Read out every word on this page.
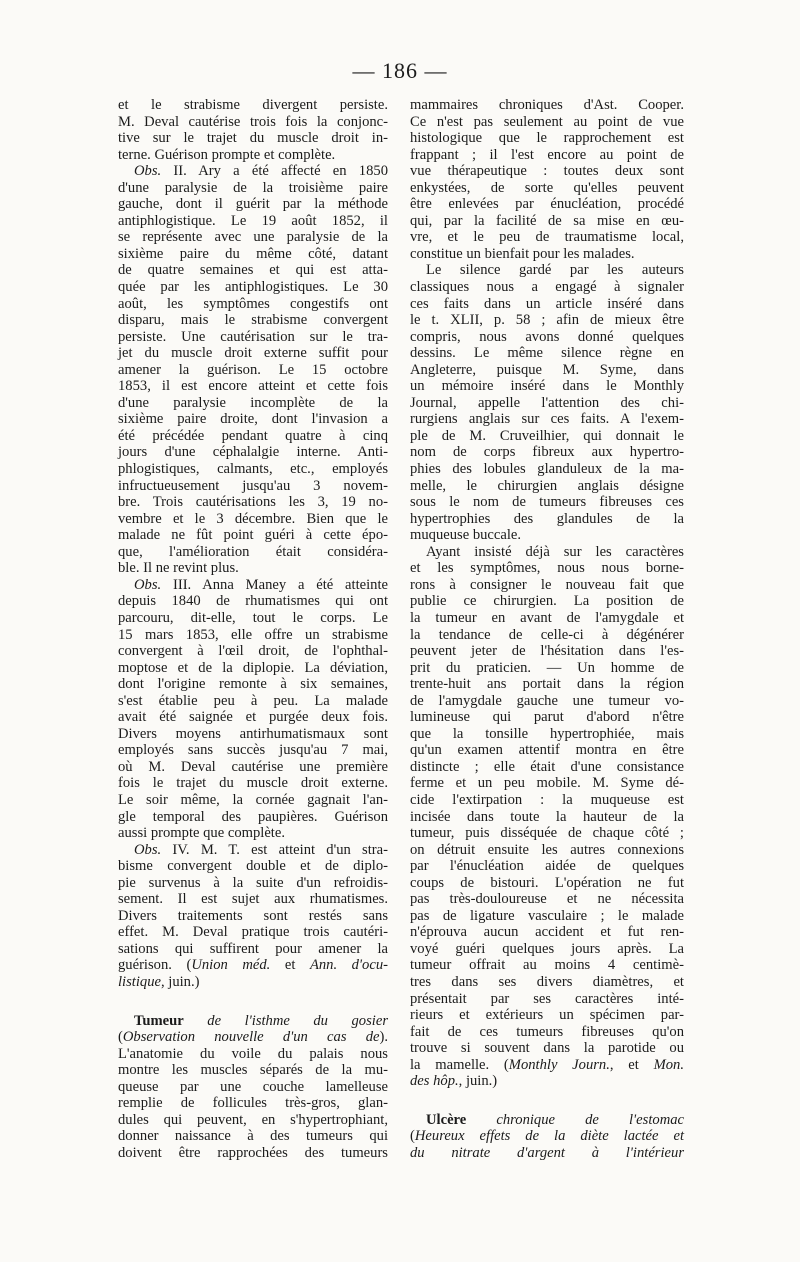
— 186 —
et le strabisme divergent persiste.
M. Deval cautérise trois fois la conjonc-
tive sur le trajet du muscle droit in-
terne. Guérison prompte et complète.
Obs. II. Ary a été affecté en 1850
d'une paralysie de la troisième paire
gauche, dont il guérit par la méthode
antiphlogistique. Le 19 août 1852, il
se représente avec une paralysie de la
sixième paire du même côté, datant
de quatre semaines et qui est atta-
quée par les antiphlogistiques. Le 30
août, les symptômes congestifs ont
disparu, mais le strabisme convergent
persiste. Une cautérisation sur le tra-
jet du muscle droit externe suffit pour
amener la guérison. Le 15 octobre
1853, il est encore atteint et cette fois
d'une paralysie incomplète de la
sixième paire droite, dont l'invasion a
été précédée pendant quatre à cinq
jours d'une céphalalgie interne. Anti-
phlogistiques, calmants, etc., employés
infructueusement jusqu'au 3 novem-
bre. Trois cautérisations les 3, 19 no-
vembre et le 3 décembre. Bien que le
malade ne fût point guéri à cette épo-
que, l'amélioration était considéra-
ble. Il ne revint plus.
Obs. III. Anna Maney a été atteinte
depuis 1840 de rhumatismes qui ont
parcouru, dit-elle, tout le corps. Le
15 mars 1853, elle offre un strabisme
convergent à l'œil droit, de l'ophthal-
moptose et de la diplopie. La déviation,
dont l'origine remonte à six semaines,
s'est établie peu à peu. La malade
avait été saignée et purgée deux fois.
Divers moyens antirhumatismaux sont
employés sans succès jusqu'au 7 mai,
où M. Deval cautérise une première
fois le trajet du muscle droit externe.
Le soir même, la cornée gagnait l'an-
gle temporal des paupières. Guérison
aussi prompte que complète.
Obs. IV. M. T. est atteint d'un stra-
bisme convergent double et de diplo-
pie survenus à la suite d'un refroidis-
sement. Il est sujet aux rhumatismes.
Divers traitements sont restés sans
effet. M. Deval pratique trois cautéri-
sations qui suffirent pour amener la
guérison. (Union méd. et Ann. d'ocu-
listique, juin.)
Tumeur de l'isthme du gosier
(Observation nouvelle d'un cas de).
L'anatomie du voile du palais nous
montre les muscles séparés de la mu-
queuse par une couche lamelleuse
remplie de follicules très-gros, glan-
dules qui peuvent, en s'hypertrophiant,
donner naissance à des tumeurs qui
doivent être rapprochées des tumeurs
mammaires chroniques d'Ast. Cooper.
Ce n'est pas seulement au point de vue
histologique que le rapprochement est
frappant ; il l'est encore au point de
vue thérapeutique : toutes deux sont
enkystées, de sorte qu'elles peuvent
être enlevées par énucléation, procédé
qui, par la facilité de sa mise en œu-
vre, et le peu de traumatisme local,
constitue un bienfait pour les malades.
Le silence gardé par les auteurs
classiques nous a engagé à signaler
ces faits dans un article inséré dans
le t. XLII, p. 58 ; afin de mieux être
compris, nous avons donné quelques
dessins. Le même silence règne en
Angleterre, puisque M. Syme, dans
un mémoire inséré dans le Monthly
Journal, appelle l'attention des chi-
rurgiens anglais sur ces faits. A l'exem-
ple de M. Cruveilhier, qui donnait le
nom de corps fibreux aux hypertro-
phies des lobules glanduleux de la ma-
melle, le chirurgien anglais désigne
sous le nom de tumeurs fibreuses ces
hypertrophies des glandules de la
muqueuse buccale.
Ayant insisté déjà sur les caractères
et les symptômes, nous nous borne-
rons à consigner le nouveau fait que
publie ce chirurgien. La position de
la tumeur en avant de l'amygdale et
la tendance de celle-ci à dégénérer
peuvent jeter de l'hésitation dans l'es-
prit du praticien. — Un homme de
trente-huit ans portait dans la région
de l'amygdale gauche une tumeur vo-
lumineuse qui parut d'abord n'être
que la tonsille hypertrophiée, mais
qu'un examen attentif montra en être
distincte ; elle était d'une consistance
ferme et un peu mobile. M. Syme dé-
cide l'extirpation : la muqueuse est
incisée dans toute la hauteur de la
tumeur, puis disséquée de chaque côté ;
on détruit ensuite les autres connexions
par l'énucléation aidée de quelques
coups de bistouri. L'opération ne fut
pas très-douloureuse et ne nécessita
pas de ligature vasculaire ; le malade
n'éprouva aucun accident et fut ren-
voyé guéri quelques jours après. La
tumeur offrait au moins 4 centimè-
tres dans ses divers diamètres, et
présentait par ses caractères inté-
rieurs et extérieurs un spécimen par-
fait de ces tumeurs fibreuses qu'on
trouve si souvent dans la parotide ou
la mamelle. (Monthly Journ., et Mon.
des hôp., juin.)
Ulcère chronique de l'estomac
(Heureux effets de la diète lactée et
du nitrate d'argent à l'intérieur
